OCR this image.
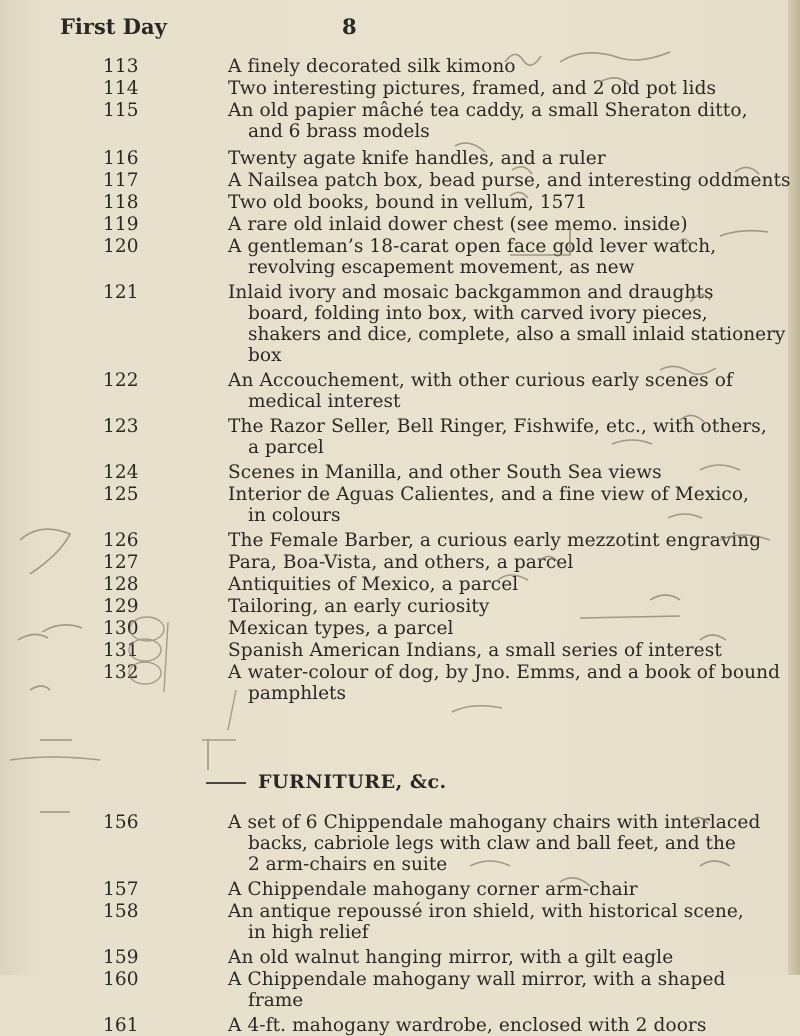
First Day	8
113	A finely decorated silk kimono
114	Two interesting pictures, framed, and 2 old pot lids
115	An old papier mâché tea caddy, a small Sheraton ditto,
and 6 brass models
116	Twenty agate knife handles, and a ruler
117	A Nailsea patch box, bead purse, and interesting oddments
118	Two old books, bound in vellum, 1571
119	A rare old inlaid dower chest (see memo. inside)
120	A gentleman’s 18-carat open face gold lever watch,
revolving escapement movement, as new
121	Inlaid ivory and mosaic backgammon and draughts
board, folding into box, with carved ivory pieces,
shakers and dice, complete, also a small inlaid stationery
box
122	An Accouchement, with other curious early scenes of
medical interest
123	The Razor Seller, Bell Ringer, Fishwife, etc., with others,
a parcel
124	Scenes in Manilla, and other South Sea views
125	Interior de Aguas Calientes, and a fine view of Mexico,
in colours
126	The Female Barber, a curious early mezzotint engraving
127	Para, Boa-Vista, and others, a parcel
128	Antiquities of Mexico, a parcel
129	Tailoring, an early curiosity
130	Mexican types, a parcel
131	Spanish American Indians, a small series of interest
132	A water-colour of dog, by Jno. Emms, and a book of bound
pamphlets
FURNITURE, &c.
156	A set of 6 Chippendale mahogany chairs with interlaced
backs, cabriole legs with claw and ball feet, and the
2 arm-chairs en suite
157	A Chippendale mahogany corner arm-chair
158	An antique repoussé iron shield, with historical scene,
in high relief
159	An old walnut hanging mirror, with a gilt eagle
160	A Chippendale mahogany wall mirror, with a shaped
frame
161	A 4-ft. mahogany wardrobe, enclosed with 2 doors
